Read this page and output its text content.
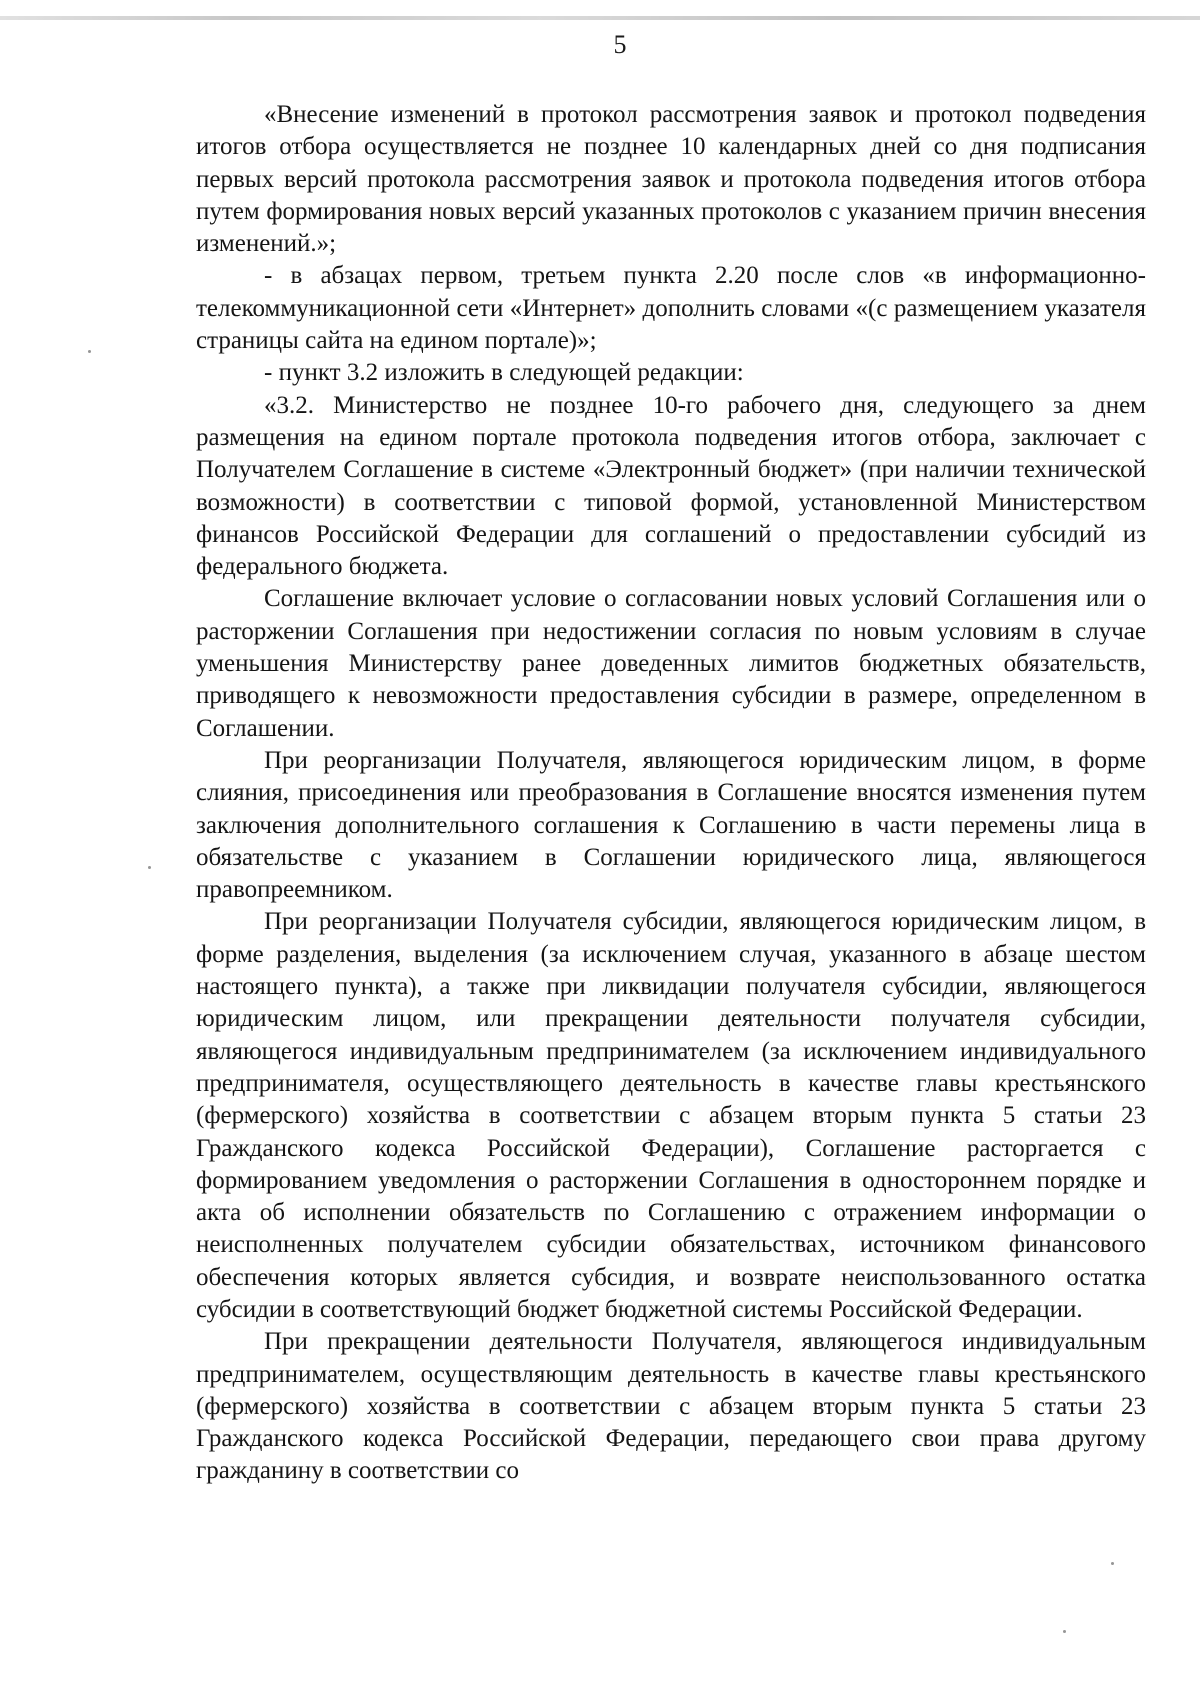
5

«Внесение изменений в протокол рассмотрения заявок и протокол подведения итогов отбора осуществляется не позднее 10 календарных дней со дня подписания первых версий протокола рассмотрения заявок и протокола подведения итогов отбора путем формирования новых версий указанных протоколов с указанием причин внесения изменений.»;

- в абзацах первом, третьем пункта 2.20 после слов «в информационно-телекоммуникационной сети «Интернет» дополнить словами «(с размещением указателя страницы сайта на едином портале)»;

- пункт 3.2 изложить в следующей редакции:

«3.2. Министерство не позднее 10-го рабочего дня, следующего за днем размещения на едином портале протокола подведения итогов отбора, заключает с Получателем Соглашение в системе «Электронный бюджет» (при наличии технической возможности) в соответствии с типовой формой, установленной Министерством финансов Российской Федерации для соглашений о предоставлении субсидий из федерального бюджета.

Соглашение включает условие о согласовании новых условий Соглашения или о расторжении Соглашения при недостижении согласия по новым условиям в случае уменьшения Министерству ранее доведенных лимитов бюджетных обязательств, приводящего к невозможности предоставления субсидии в размере, определенном в Соглашении.

При реорганизации Получателя, являющегося юридическим лицом, в форме слияния, присоединения или преобразования в Соглашение вносятся изменения путем заключения дополнительного соглашения к Соглашению в части перемены лица в обязательстве с указанием в Соглашении юридического лица, являющегося правопреемником.

При реорганизации Получателя субсидии, являющегося юридическим лицом, в форме разделения, выделения (за исключением случая, указанного в абзаце шестом настоящего пункта), а также при ликвидации получателя субсидии, являющегося юридическим лицом, или прекращении деятельности получателя субсидии, являющегося индивидуальным предпринимателем (за исключением индивидуального предпринимателя, осуществляющего деятельность в качестве главы крестьянского (фермерского) хозяйства в соответствии с абзацем вторым пункта 5 статьи 23 Гражданского кодекса Российской Федерации), Соглашение расторгается с формированием уведомления о расторжении Соглашения в одностороннем порядке и акта об исполнении обязательств по Соглашению с отражением информации о неисполненных получателем субсидии обязательствах, источником финансового обеспечения которых является субсидия, и возврате неиспользованного остатка субсидии в соответствующий бюджет бюджетной системы Российской Федерации.

При прекращении деятельности Получателя, являющегося индивидуальным предпринимателем, осуществляющим деятельность в качестве главы крестьянского (фермерского) хозяйства в соответствии с абзацем вторым пункта 5 статьи 23 Гражданского кодекса Российской Федерации, передающего свои права другому гражданину в соответствии со
